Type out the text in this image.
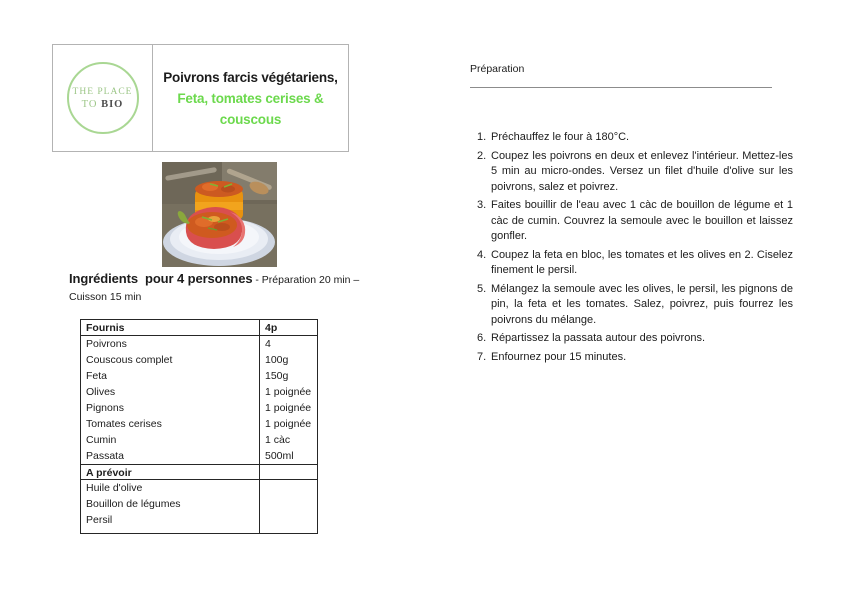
THE PLACE
TO BIO
Poivrons farcis végétariens,
Feta, tomates cerises &
couscous
Ingrédients  pour 4 personnes - Préparation 20 min –
Cuisson 15 min
Fournis	4p
Poivrons	4
Couscous complet	100g
Feta	150g
Olives	1 poignée
Pignons	1 poignée
Tomates cerises	1 poignée
Cumin	1 càc
Passata	500ml
A prévoir
Huile d'olive
Bouillon de légumes
Persil
Préparation
1. Préchauffez le four à 180°C.
2. Coupez les poivrons en deux et enlevez l'intérieur. Mettez-les 5 min au micro-ondes. Versez un filet d'huile d'olive sur les poivrons, salez et poivrez.
3. Faites bouillir de l'eau avec 1 càc de bouillon de légume et 1 càc de cumin. Couvrez la semoule avec le bouillon et laissez gonfler.
4. Coupez la feta en bloc, les tomates et les olives en 2. Ciselez finement le persil.
5. Mélangez la semoule avec les olives, le persil, les pignons de pin, la feta et les tomates. Salez, poivrez, puis fourrez les poivrons du mélange.
6. Répartissez la passata autour des poivrons.
7. Enfournez pour 15 minutes.
